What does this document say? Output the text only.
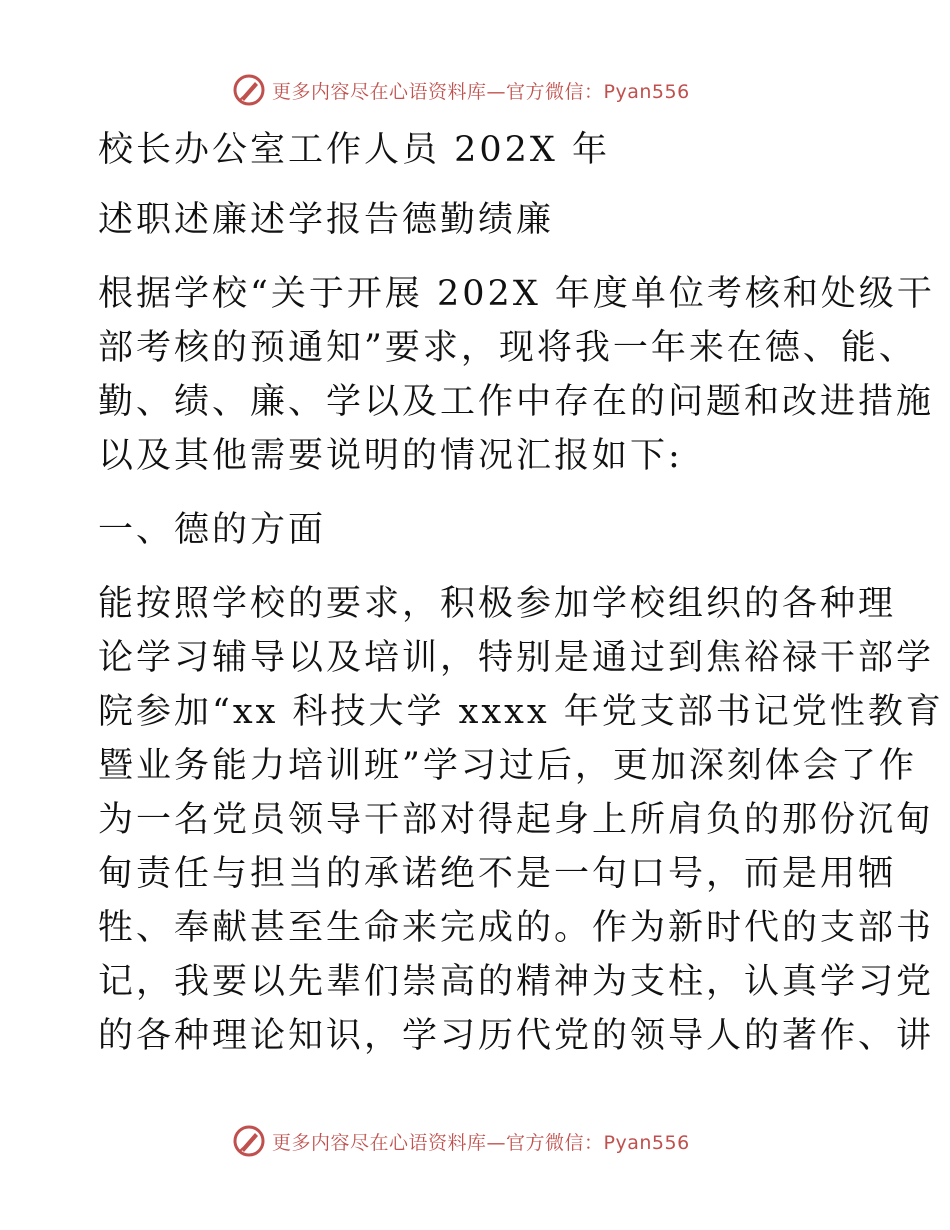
更多内容尽在心语资料库—官方微信：Pyan556
校长办公室工作人员 202X 年
述职述廉述学报告德勤绩廉
根据学校“关于开展 202X 年度单位考核和处级干
部考核的预通知”要求，现将我一年来在德、能、
勤、绩、廉、学以及工作中存在的问题和改进措施
以及其他需要说明的情况汇报如下:
一、德的方面
能按照学校的要求，积极参加学校组织的各种理
论学习辅导以及培训，特别是通过到焦裕禄干部学
院参加“xx 科技大学 xxxx 年党支部书记党性教育
暨业务能力培训班”学习过后，更加深刻体会了作
为一名党员领导干部对得起身上所肩负的那份沉甸
甸责任与担当的承诺绝不是一句口号，而是用牺
牲、奉献甚至生命来完成的。作为新时代的支部书
记，我要以先辈们崇高的精神为支柱，认真学习党
的各种理论知识，学习历代党的领导人的著作、讲
更多内容尽在心语资料库—官方微信：Pyan556
